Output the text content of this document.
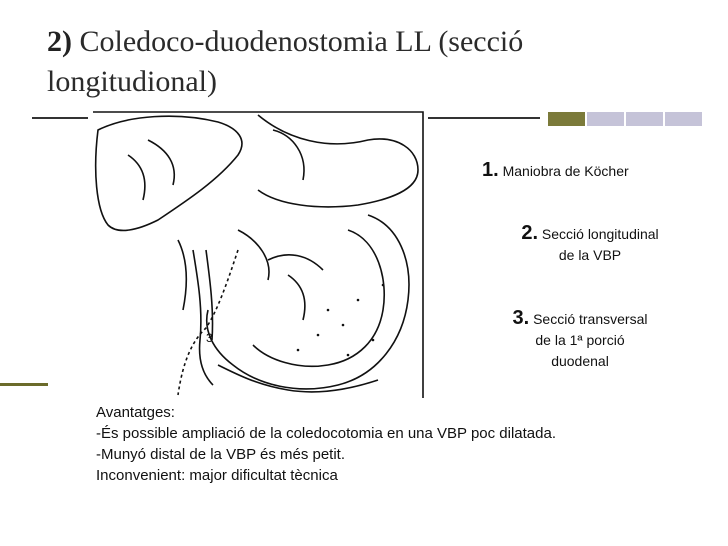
2) Coledoco-duodenostomia LL (secció longitudional)
3
1. Maniobra de Köcher
2. Secció longitudinal
de la VBP
3. Secció transversal
de la 1ª porció
duodenal
Avantatges:
-És possible ampliació de la coledocotomia en una VBP poc dilatada.
-Munyó distal de la VBP és més petit.
Inconvenient: major dificultat tècnica
